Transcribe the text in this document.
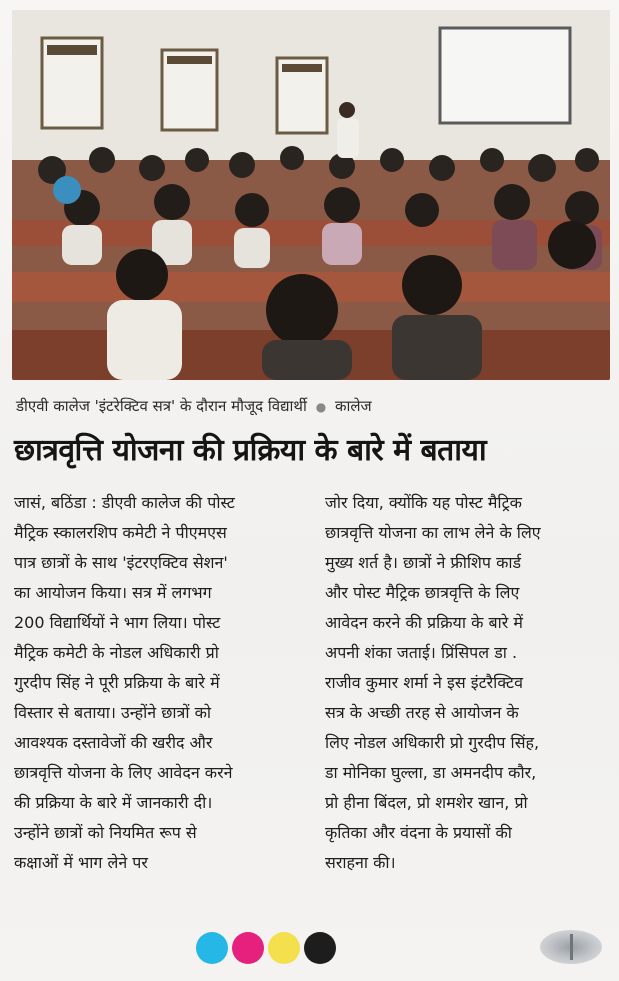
डीएवी कालेज 'इंटरेक्टिव सत्र' के दौरान मौजूद विद्यार्थी ● कालेज
छात्रवृत्ति योजना की प्रक्रिया के बारे में बताया
जासं, बठिंडा : डीएवी कालेज की पोस्ट
मैट्रिक स्कालरशिप कमेटी ने पीएमएस
पात्र छात्रों के साथ 'इंटरएक्टिव सेशन'
का आयोजन किया। सत्र में लगभग
200 विद्यार्थियों ने भाग लिया। पोस्ट
मैट्रिक कमेटी के नोडल अधिकारी प्रो
गुरदीप सिंह ने पूरी प्रक्रिया के बारे में
विस्तार से बताया। उन्होंने छात्रों को
आवश्यक दस्तावेजों की खरीद और
छात्रवृत्ति योजना के लिए आवेदन करने
की प्रक्रिया के बारे में जानकारी दी।
उन्होंने छात्रों को नियमित रूप से
कक्षाओं में भाग लेने पर
जोर दिया, क्योंकि यह पोस्ट मैट्रिक
छात्रवृत्ति योजना का लाभ लेने के लिए
मुख्य शर्त है। छात्रों ने फ्रीशिप कार्ड
और पोस्ट मैट्रिक छात्रवृत्ति के लिए
आवेदन करने की प्रक्रिया के बारे में
अपनी शंका जताई। प्रिंसिपल डा .
राजीव कुमार शर्मा ने इस इंटरैक्टिव
सत्र के अच्छी तरह से आयोजन के
लिए नोडल अधिकारी प्रो गुरदीप सिंह,
डा मोनिका घुल्ला, डा अमनदीप कौर,
प्रो हीना बिंदल, प्रो शमशेर खान, प्रो
कृतिका और वंदना के प्रयासों की
सराहना की।
